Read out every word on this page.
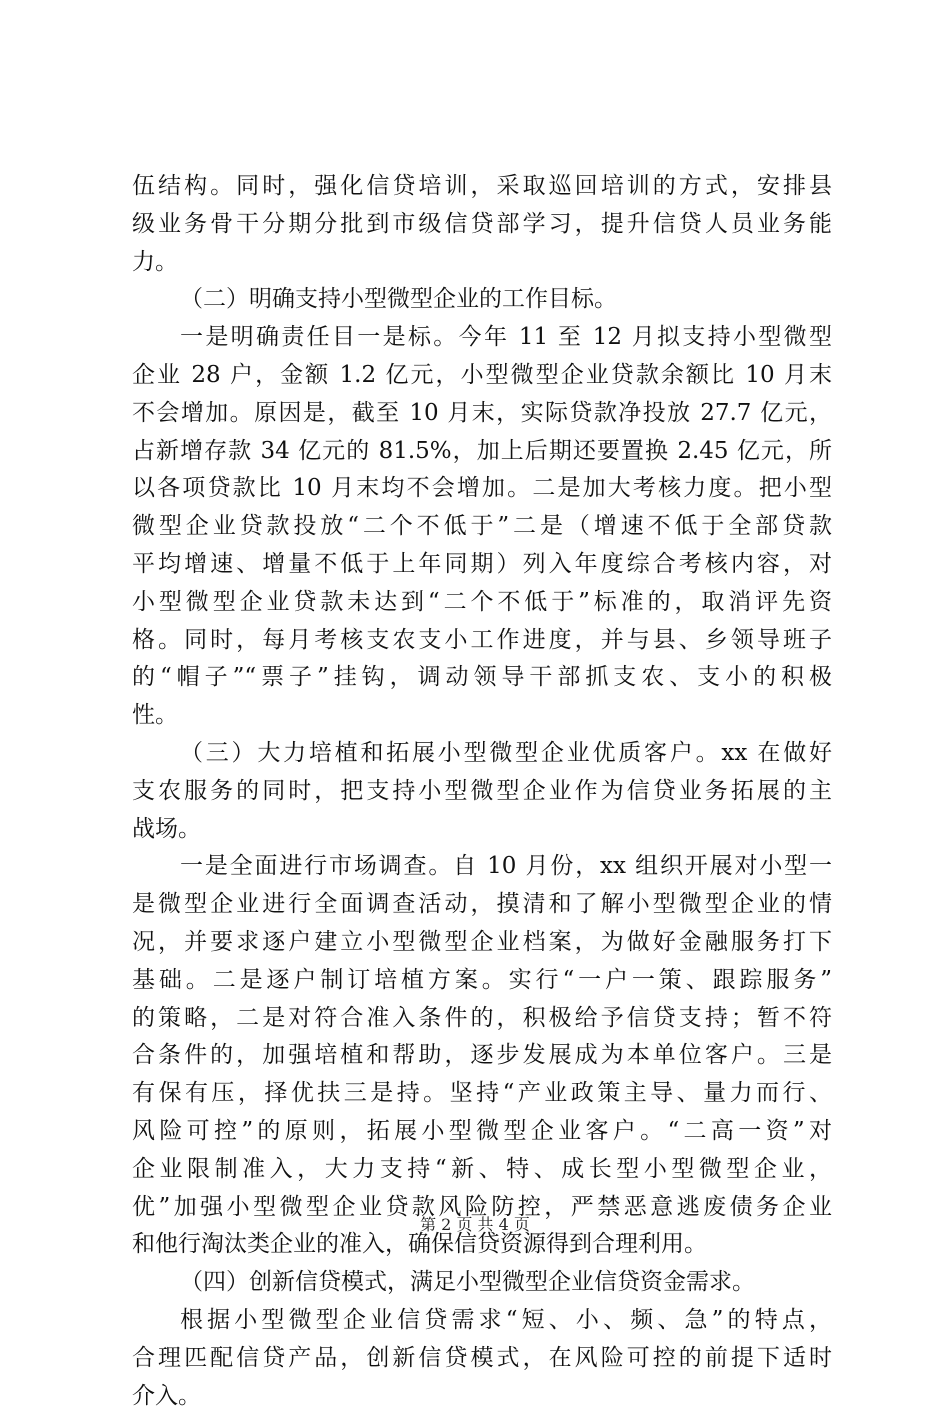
伍结构。同时，强化信贷培训，采取巡回培训的方式，安排县
级业务骨干分期分批到市级信贷部学习，提升信贷人员业务能
力。
（二）明确支持小型微型企业的工作目标。
一是明确责任目一是标。今年 11 至 12 月拟支持小型微型
企业 28 户，金额 1.2 亿元，小型微型企业贷款余额比 10 月末
不会增加。原因是，截至 10 月末，实际贷款净投放 27.7 亿元，
占新增存款 34 亿元的 81.5%，加上后期还要置换 2.45 亿元，所
以各项贷款比 10 月末均不会增加。二是加大考核力度。把小型
微型企业贷款投放“二个不低于”二是（增速不低于全部贷款
平均增速、增量不低于上年同期）列入年度综合考核内容，对
小型微型企业贷款未达到“二个不低于”标准的，取消评先资
格。同时，每月考核支农支小工作进度，并与县、乡领导班子
的“帽子”“票子”挂钩，调动领导干部抓支农、支小的积极
性。
（三）大力培植和拓展小型微型企业优质客户。xx 在做好
支农服务的同时，把支持小型微型企业作为信贷业务拓展的主
战场。
一是全面进行市场调查。自 10 月份，xx 组织开展对小型一
是微型企业进行全面调查活动，摸清和了解小型微型企业的情
况，并要求逐户建立小型微型企业档案，为做好金融服务打下
基础。二是逐户制订培植方案。实行“一户一策、跟踪服务”
的策略，二是对符合准入条件的，积极给予信贷支持；暂不符
合条件的，加强培植和帮助，逐步发展成为本单位客户。三是
有保有压，择优扶三是持。坚持“产业政策主导、量力而行、
风险可控”的原则，拓展小型微型企业客户。“二高一资”对
企业限制准入，大力支持“新、特、成长型小型微型企业，
优”加强小型微型企业贷款风险防控，严禁恶意逃废债务企业
和他行淘汰类企业的准入，确保信贷资源得到合理利用。
（四）创新信贷模式，满足小型微型企业信贷资金需求。
根据小型微型企业信贷需求“短、小、频、急”的特点，
合理匹配信贷产品，创新信贷模式，在风险可控的前提下适时
介入。
第 2 页 共 4 页
